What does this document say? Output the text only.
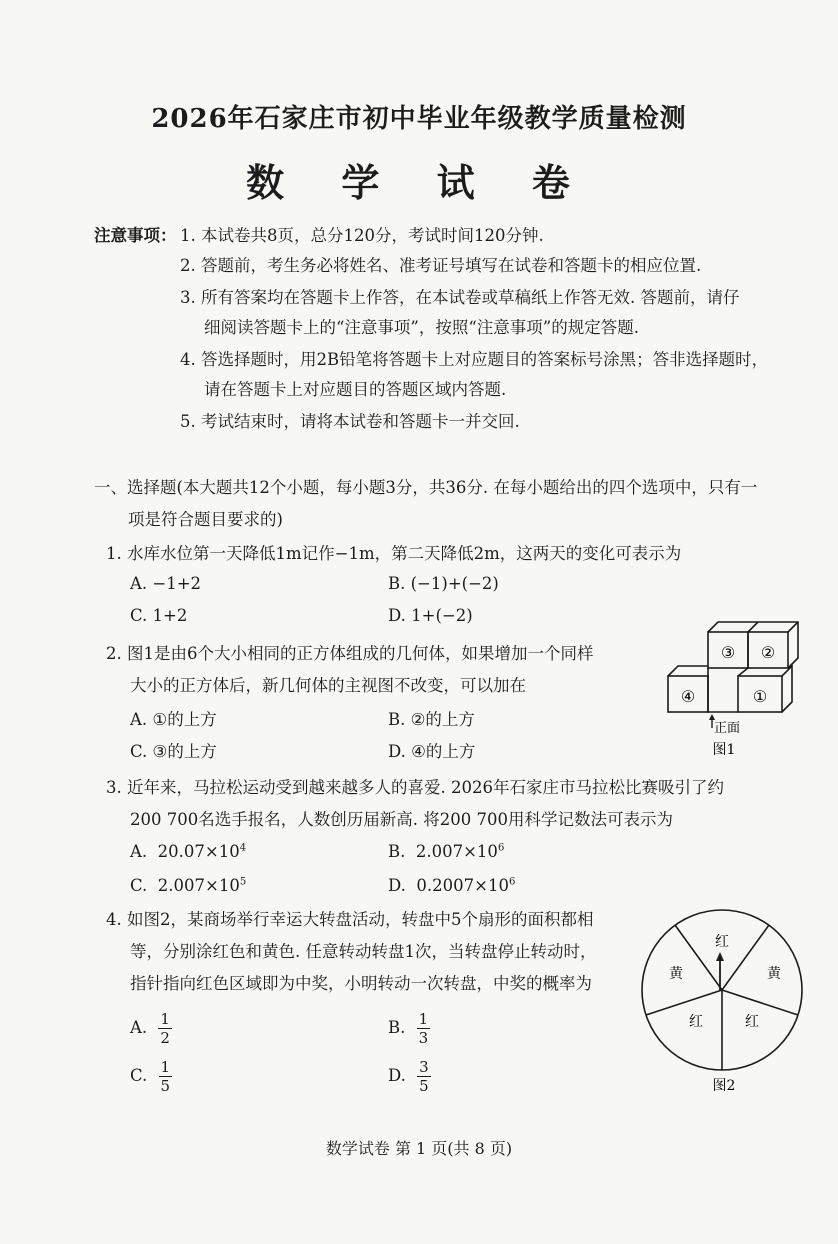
2026年石家庄市初中毕业年级教学质量检测
数 学 试 卷
注意事项： 1. 本试卷共8页，总分120分，考试时间120分钟.
2. 答题前，考生务必将姓名、准考证号填写在试卷和答题卡的相应位置.
3. 所有答案均在答题卡上作答，在本试卷或草稿纸上作答无效. 答题前，请仔
细阅读答题卡上的“注意事项”，按照“注意事项”的规定答题.
4. 答选择题时，用2B铅笔将答题卡上对应题目的答案标号涂黑；答非选择题时，
请在答题卡上对应题目的答题区域内答题.
5. 考试结束时，请将本试卷和答题卡一并交回.
一、选择题(本大题共12个小题，每小题3分，共36分. 在每小题给出的四个选项中，只有一
项是符合题目要求的)
1. 水库水位第一天降低1m记作−1m，第二天降低2m，这两天的变化可表示为
A. −1+2	B. (−1)+(−2)
C. 1+2	D. 1+(−2)
2. 图1是由6个大小相同的正方体组成的几何体，如果增加一个同样
大小的正方体后，新几何体的主视图不改变，可以加在
A. ①的上方	B. ②的上方
C. ③的上方	D. ④的上方
③ ②
④	①
正面
图1
3. 近年来，马拉松运动受到越来越多人的喜爱. 2026年石家庄市马拉松比赛吸引了约
200 700名选手报名，人数创历届新高. 将200 700用科学记数法可表示为
A. $20.07\times 10^4$	B. $2.007\times 10^6$
C. $2.007\times 10^5$	D. $0.2007\times 10^6$
4. 如图2，某商场举行幸运大转盘活动，转盘中5个扇形的面积都相
等，分别涂红色和黄色. 任意转动转盘1次，当转盘停止转动时，
指针指向红色区域即为中奖，小明转动一次转盘，中奖的概率为
A. $\frac{1}{2}$	B. $\frac{1}{3}$
C. $\frac{1}{5}$	D. $\frac{3}{5}$
红
黄	黄
红	红
图2
数学试卷 第 1 页(共 8 页)
